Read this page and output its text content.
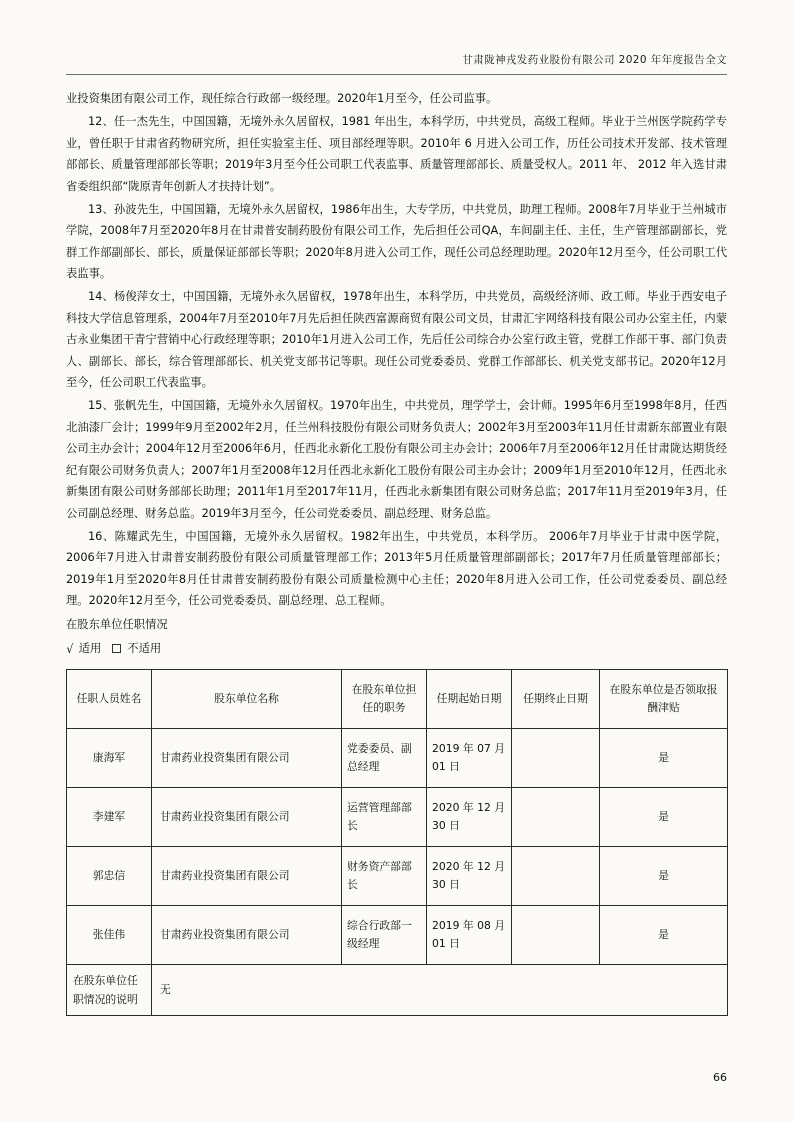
甘肃陇神戎发药业股份有限公司 2020 年年度报告全文

业投资集团有限公司工作，现任综合行政部一级经理。2020年1月至今，任公司监事。

12、任一杰先生，中国国籍，无境外永久居留权，1981 年出生，本科学历，中共党员，高级工程师。毕业于兰州医学院药学专业，曾任职于甘肃省药物研究所，担任实验室主任、项目部经理等职。2010年 6 月进入公司工作，历任公司技术开发部、技术管理部部长、质量管理部部长等职；2019年3月至今任公司职工代表监事、质量管理部部长、质量受权人。2011 年、 2012 年入选甘肃省委组织部“陇原青年创新人才扶持计划”。

13、孙波先生，中国国籍，无境外永久居留权，1986年出生，大专学历，中共党员，助理工程师。2008年7月毕业于兰州城市学院，2008年7月至2020年8月在甘肃普安制药股份有限公司工作，先后担任公司QA，车间副主任、主任，生产管理部副部长，党群工作部副部长、部长，质量保证部部长等职；2020年8月进入公司工作，现任公司总经理助理。2020年12月至今，任公司职工代表监事。

14、杨俊萍女士，中国国籍，无境外永久居留权，1978年出生，本科学历，中共党员，高级经济师、政工师。毕业于西安电子科技大学信息管理系，2004年7月至2010年7月先后担任陕西富源商贸有限公司文员，甘肃汇宇网络科技有限公司办公室主任，内蒙古永业集团干青宁营销中心行政经理等职；2010年1月进入公司工作，先后任公司综合办公室行政主管，党群工作部干事、部门负责人、副部长、部长，综合管理部部长、机关党支部书记等职。现任公司党委委员、党群工作部部长、机关党支部书记。2020年12月至今，任公司职工代表监事。

15、张帆先生，中国国籍，无境外永久居留权。1970年出生，中共党员，理学学士，会计师。1995年6月至1998年8月，任西北油漆厂会计；1999年9月至2002年2月，任兰州科技股份有限公司财务负责人；2002年3月至2003年11月任甘肃新东部置业有限公司主办会计；2004年12月至2006年6月，任西北永新化工股份有限公司主办会计；2006年7月至2006年12月任甘肃陇达期货经纪有限公司财务负责人；2007年1月至2008年12月任西北永新化工股份有限公司主办会计；2009年1月至2010年12月，任西北永新集团有限公司财务部部长助理；2011年1月至2017年11月，任西北永新集团有限公司财务总监；2017年11月至2019年3月，任公司副总经理、财务总监。2019年3月至今，任公司党委委员、副总经理、财务总监。

16、陈耀武先生，中国国籍，无境外永久居留权。1982年出生，中共党员，本科学历。 2006年7月毕业于甘肃中医学院，2006年7月进入甘肃普安制药股份有限公司质量管理部工作；2013年5月任质量管理部副部长；2017年7月任质量管理部部长；2019年1月至2020年8月任甘肃普安制药股份有限公司质量检测中心主任；2020年8月进入公司工作，任公司党委委员、副总经理。2020年12月至今，任公司党委委员、副总经理、总工程师。

在股东单位任职情况
√ 适用 不适用
任职人员姓名	股东单位名称	在股东单位担任的职务	任期起始日期	任期终止日期	在股东单位是否领取报酬津贴
康海军	甘肃药业投资集团有限公司	党委委员、副总经理	2019 年 07 月 01 日		是
李建军	甘肃药业投资集团有限公司	运营管理部部长	2020 年 12 月 30 日		是
郭忠信	甘肃药业投资集团有限公司	财务资产部部长	2020 年 12 月 30 日		是
张佳伟	甘肃药业投资集团有限公司	综合行政部一级经理	2019 年 08 月 01 日		是
在股东单位任职情况的说明	无				
66
